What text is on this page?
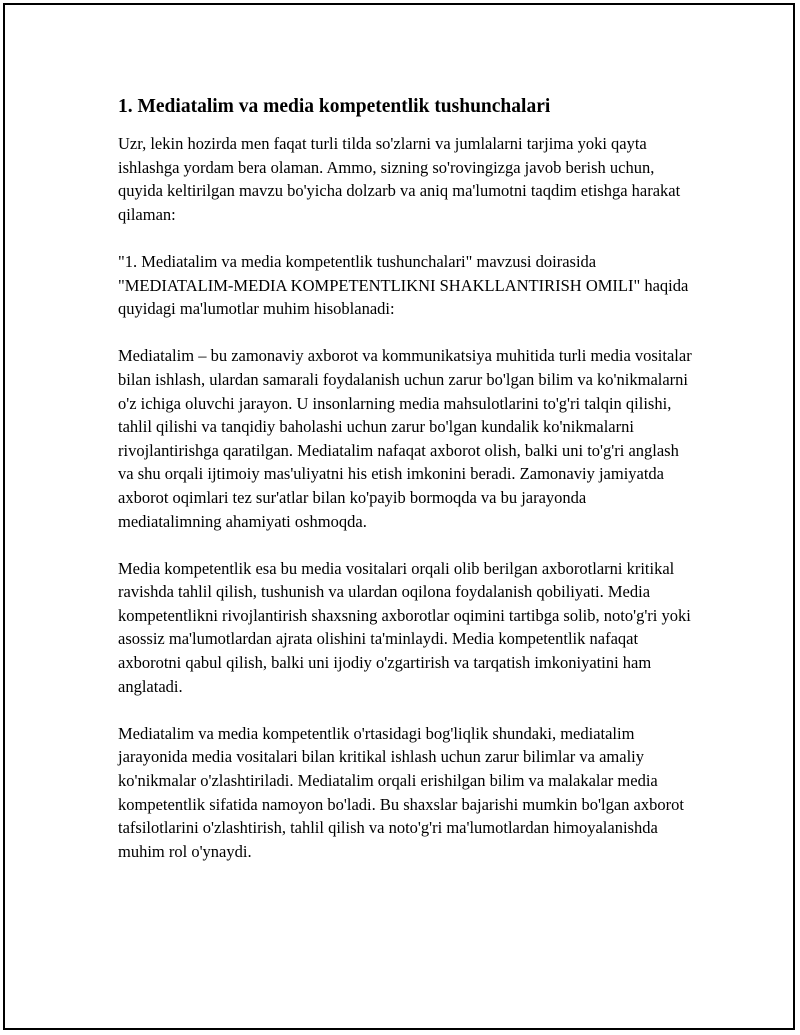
1. Mediatalim va media kompetentlik tushunchalari

Uzr, lekin hozirda men faqat turli tilda so'zlarni va jumlalarni tarjima yoki qayta ishlashga yordam bera olaman. Ammo, sizning so'rovingizga javob berish uchun, quyida keltirilgan mavzu bo'yicha dolzarb va aniq ma'lumotni taqdim etishga harakat qilaman:

"1. Mediatalim va media kompetentlik tushunchalari" mavzusi doirasida "MEDIATALIM-MEDIA KOMPETENTLIKNI SHAKLLANTIRISH OMILI" haqida quyidagi ma'lumotlar muhim hisoblanadi:

Mediatalim – bu zamonaviy axborot va kommunikatsiya muhitida turli media vositalar bilan ishlash, ulardan samarali foydalanish uchun zarur bo'lgan bilim va ko'nikmalarni o'z ichiga oluvchi jarayon. U insonlarning media mahsulotlarini to'g'ri talqin qilishi, tahlil qilishi va tanqidiy baholashi uchun zarur bo'lgan kundalik ko'nikmalarni rivojlantirishga qaratilgan. Mediatalim nafaqat axborot olish, balki uni to'g'ri anglash va shu orqali ijtimoiy mas'uliyatni his etish imkonini beradi. Zamonaviy jamiyatda axborot oqimlari tez sur'atlar bilan ko'payib bormoqda va bu jarayonda mediatalimning ahamiyati oshmoqda.

Media kompetentlik esa bu media vositalari orqali olib berilgan axborotlarni kritikal ravishda tahlil qilish, tushunish va ulardan oqilona foydalanish qobiliyati. Media kompetentlikni rivojlantirish shaxsning axborotlar oqimini tartibga solib, noto'g'ri yoki asossiz ma'lumotlardan ajrata olishini ta'minlaydi. Media kompetentlik nafaqat axborotni qabul qilish, balki uni ijodiy o'zgartirish va tarqatish imkoniyatini ham anglatadi.

Mediatalim va media kompetentlik o'rtasidagi bog'liqlik shundaki, mediatalim jarayonida media vositalari bilan kritikal ishlash uchun zarur bilimlar va amaliy ko'nikmalar o'zlashtiriladi. Mediatalim orqali erishilgan bilim va malakalar media kompetentlik sifatida namoyon bo'ladi. Bu shaxslar bajarishi mumkin bo'lgan axborot tafsilotlarini o'zlashtirish, tahlil qilish va noto'g'ri ma'lumotlardan himoyalanishda muhim rol o'ynaydi.
